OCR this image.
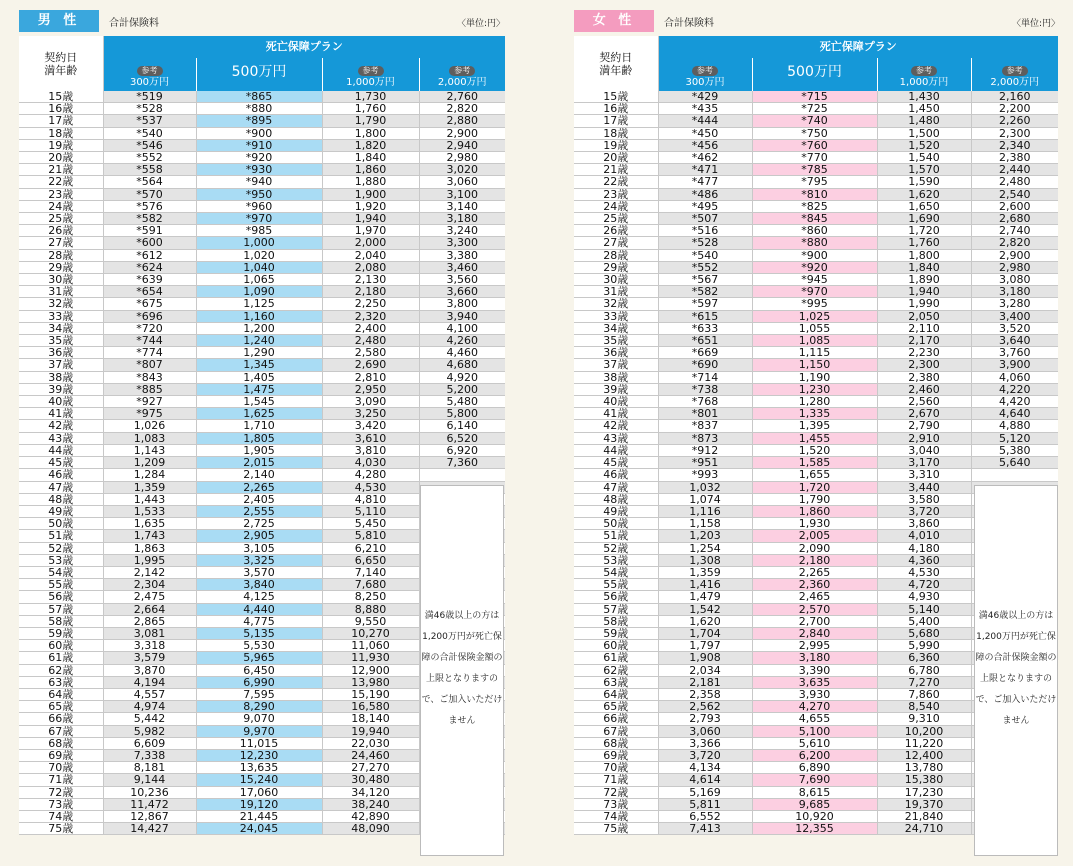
男 性	合計保険料	〈単位:円〉
契約日
満年齢	死亡保障プラン			
	参考
300万円	500万円	参考
1,000万円	参考
2,000万円
15歳	*519	*865	1,730	2,760
16歳	*528	*880	1,760	2,820
17歳	*537	*895	1,790	2,880
18歳	*540	*900	1,800	2,900
19歳	*546	*910	1,820	2,940
20歳	*552	*920	1,840	2,980
21歳	*558	*930	1,860	3,020
22歳	*564	*940	1,880	3,060
23歳	*570	*950	1,900	3,100
24歳	*576	*960	1,920	3,140
25歳	*582	*970	1,940	3,180
26歳	*591	*985	1,970	3,240
27歳	*600	1,000	2,000	3,300
28歳	*612	1,020	2,040	3,380
29歳	*624	1,040	2,080	3,460
30歳	*639	1,065	2,130	3,560
31歳	*654	1,090	2,180	3,660
32歳	*675	1,125	2,250	3,800
33歳	*696	1,160	2,320	3,940
34歳	*720	1,200	2,400	4,100
35歳	*744	1,240	2,480	4,260
36歳	*774	1,290	2,580	4,460
37歳	*807	1,345	2,690	4,680
38歳	*843	1,405	2,810	4,920
39歳	*885	1,475	2,950	5,200
40歳	*927	1,545	3,090	5,480
41歳	*975	1,625	3,250	5,800
42歳	1,026	1,710	3,420	6,140
43歳	1,083	1,805	3,610	6,520
44歳	1,143	1,905	3,810	6,920
45歳	1,209	2,015	4,030	7,360
46歳	1,284	2,140	4,280	
47歳	1,359	2,265	4,530	
48歳	1,443	2,405	4,810	
49歳	1,533	2,555	5,110	
50歳	1,635	2,725	5,450	
51歳	1,743	2,905	5,810	
52歳	1,863	3,105	6,210	
53歳	1,995	3,325	6,650	
54歳	2,142	3,570	7,140	
55歳	2,304	3,840	7,680	
56歳	2,475	4,125	8,250	
57歳	2,664	4,440	8,880	
58歳	2,865	4,775	9,550	
59歳	3,081	5,135	10,270	
60歳	3,318	5,530	11,060	
61歳	3,579	5,965	11,930	
62歳	3,870	6,450	12,900	
63歳	4,194	6,990	13,980	
64歳	4,557	7,595	15,190	
65歳	4,974	8,290	16,580	
66歳	5,442	9,070	18,140	
67歳	5,982	9,970	19,940	
68歳	6,609	11,015	22,030	
69歳	7,338	12,230	24,460	
70歳	8,181	13,635	27,270	
71歳	9,144	15,240	30,480	
72歳	10,236	17,060	34,120	
73歳	11,472	19,120	38,240	
74歳	12,867	21,445	42,890	
75歳	14,427	24,045	48,090	
満46歳以上の方は1,200万円が死亡保障の合計保険金額の上限となりますので、ご加入いただけません
女 性	合計保険料	〈単位:円〉
契約日
満年齢	死亡保障プラン			
	参考
300万円	500万円	参考
1,000万円	参考
2,000万円
15歳	*429	*715	1,430	2,160
16歳	*435	*725	1,450	2,200
17歳	*444	*740	1,480	2,260
18歳	*450	*750	1,500	2,300
19歳	*456	*760	1,520	2,340
20歳	*462	*770	1,540	2,380
21歳	*471	*785	1,570	2,440
22歳	*477	*795	1,590	2,480
23歳	*486	*810	1,620	2,540
24歳	*495	*825	1,650	2,600
25歳	*507	*845	1,690	2,680
26歳	*516	*860	1,720	2,740
27歳	*528	*880	1,760	2,820
28歳	*540	*900	1,800	2,900
29歳	*552	*920	1,840	2,980
30歳	*567	*945	1,890	3,080
31歳	*582	*970	1,940	3,180
32歳	*597	*995	1,990	3,280
33歳	*615	1,025	2,050	3,400
34歳	*633	1,055	2,110	3,520
35歳	*651	1,085	2,170	3,640
36歳	*669	1,115	2,230	3,760
37歳	*690	1,150	2,300	3,900
38歳	*714	1,190	2,380	4,060
39歳	*738	1,230	2,460	4,220
40歳	*768	1,280	2,560	4,420
41歳	*801	1,335	2,670	4,640
42歳	*837	1,395	2,790	4,880
43歳	*873	1,455	2,910	5,120
44歳	*912	1,520	3,040	5,380
45歳	*951	1,585	3,170	5,640
46歳	*993	1,655	3,310	
47歳	1,032	1,720	3,440	
48歳	1,074	1,790	3,580	
49歳	1,116	1,860	3,720	
50歳	1,158	1,930	3,860	
51歳	1,203	2,005	4,010	
52歳	1,254	2,090	4,180	
53歳	1,308	2,180	4,360	
54歳	1,359	2,265	4,530	
55歳	1,416	2,360	4,720	
56歳	1,479	2,465	4,930	
57歳	1,542	2,570	5,140	
58歳	1,620	2,700	5,400	
59歳	1,704	2,840	5,680	
60歳	1,797	2,995	5,990	
61歳	1,908	3,180	6,360	
62歳	2,034	3,390	6,780	
63歳	2,181	3,635	7,270	
64歳	2,358	3,930	7,860	
65歳	2,562	4,270	8,540	
66歳	2,793	4,655	9,310	
67歳	3,060	5,100	10,200	
68歳	3,366	5,610	11,220	
69歳	3,720	6,200	12,400	
70歳	4,134	6,890	13,780	
71歳	4,614	7,690	15,380	
72歳	5,169	8,615	17,230	
73歳	5,811	9,685	19,370	
74歳	6,552	10,920	21,840	
75歳	7,413	12,355	24,710	
満46歳以上の方は1,200万円が死亡保障の合計保険金額の上限となりますので、ご加入いただけません
